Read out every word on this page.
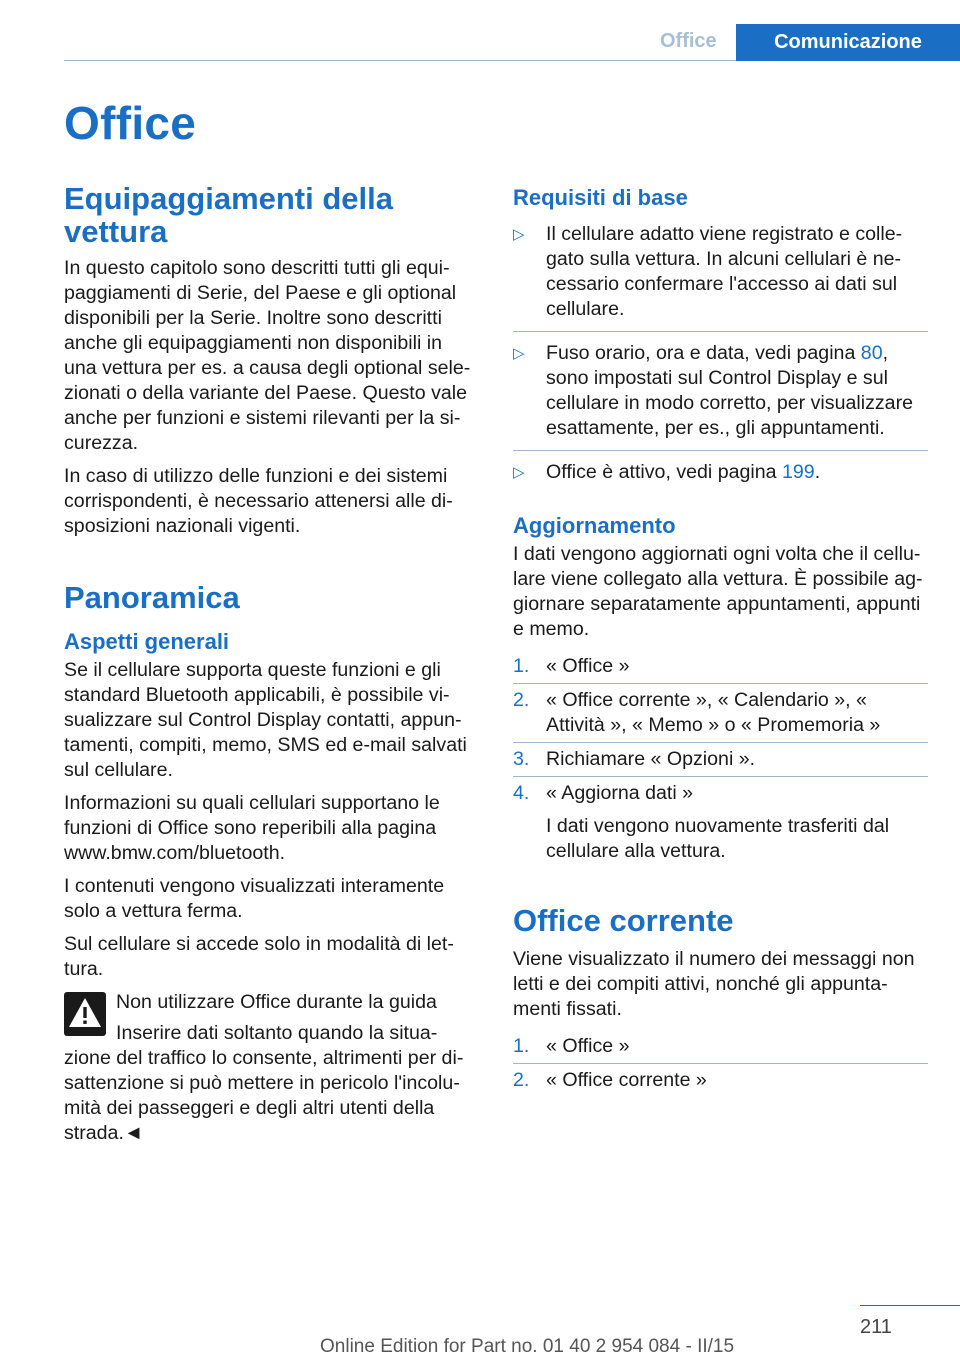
Office	Comunicazione
Office
Equipaggiamenti della vettura

In questo capitolo sono descritti tutti gli equipaggiamenti di Serie, del Paese e gli optional disponibili per la Serie. Inoltre sono descritti anche gli equipaggiamenti non disponibili in una vettura per es. a causa degli optional selezionati o della variante del Paese. Questo vale anche per funzioni e sistemi rilevanti per la sicurezza.

In caso di utilizzo delle funzioni e dei sistemi corrispondenti, è necessario attenersi alle disposizioni nazionali vigenti.

Panoramica
Aspetti generali

Se il cellulare supporta queste funzioni e gli standard Bluetooth applicabili, è possibile visualizzare sul Control Display contatti, appuntamenti, compiti, memo, SMS ed e-mail salvati sul cellulare.

Informazioni su quali cellulari supportano le funzioni di Office sono reperibili alla pagina www.bmw.com/bluetooth.

I contenuti vengono visualizzati interamente solo a vettura ferma.

Sul cellulare si accede solo in modalità di lettura.

Non utilizzare Office durante la guida
Inserire dati soltanto quando la situazione del traffico lo consente, altrimenti per disattenzione si può mettere in pericolo l'incolumità dei passeggeri e degli altri utenti della strada.◄
Requisiti di base
▷ Il cellulare adatto viene registrato e collegato sulla vettura. In alcuni cellulari è necessario confermare l'accesso ai dati sul cellulare.
▷ Fuso orario, ora e data, vedi pagina 80, sono impostati sul Control Display e sul cellulare in modo corretto, per visualizzare esattamente, per es., gli appuntamenti.
▷ Office è attivo, vedi pagina 199.
Aggiornamento

I dati vengono aggiornati ogni volta che il cellulare viene collegato alla vettura. È possibile aggiornare separatamente appuntamenti, appunti e memo.

1. « Office »
2. « Office corrente », « Calendario », « Attività », « Memo » o « Promemoria »
3. Richiamare « Opzioni ».
4. « Aggiorna dati »
I dati vengono nuovamente trasferiti dal cellulare alla vettura.
Office corrente

Viene visualizzato il numero dei messaggi non letti e dei compiti attivi, nonché gli appuntamenti fissati.

1. « Office »
2. « Office corrente »
211
Online Edition for Part no. 01 40 2 954 084 - II/15
